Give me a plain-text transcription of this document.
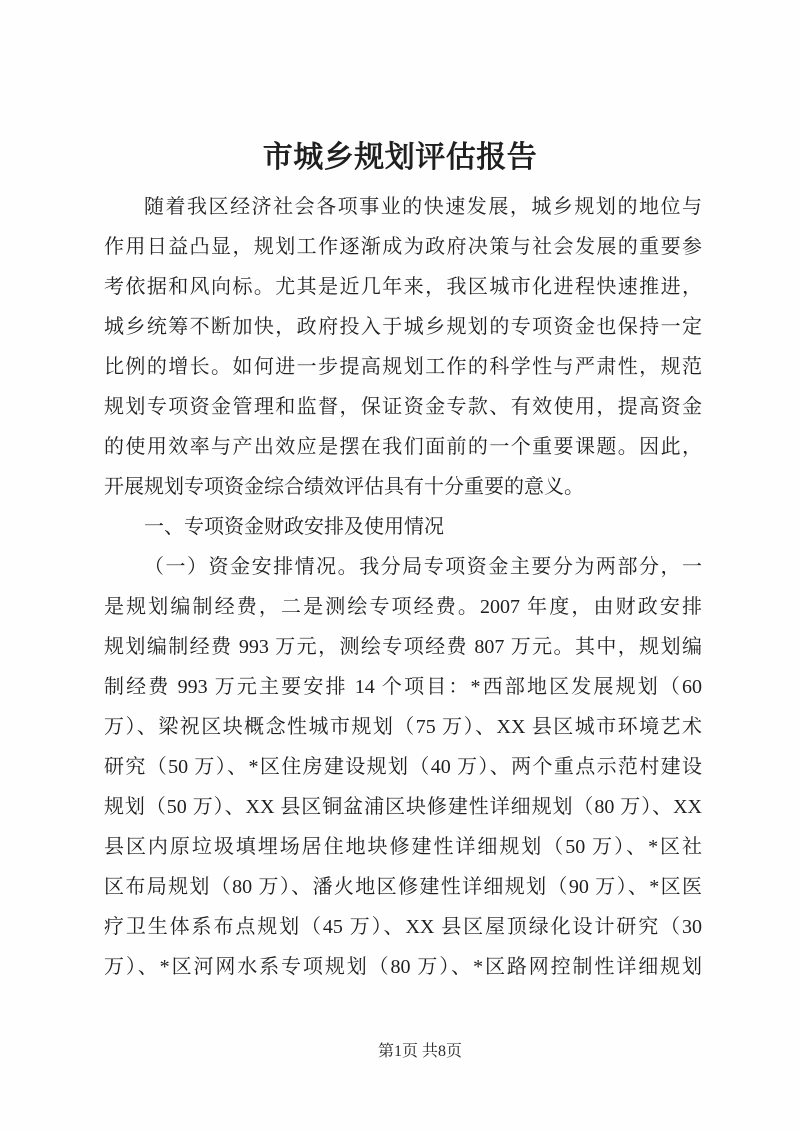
市城乡规划评估报告
随着我区经济社会各项事业的快速发展，城乡规划的地位与
作用日益凸显，规划工作逐渐成为政府决策与社会发展的重要参
考依据和风向标。尤其是近几年来，我区城市化进程快速推进，
城乡统筹不断加快，政府投入于城乡规划的专项资金也保持一定
比例的增长。如何进一步提高规划工作的科学性与严肃性，规范
规划专项资金管理和监督，保证资金专款、有效使用，提高资金
的使用效率与产出效应是摆在我们面前的一个重要课题。因此，
开展规划专项资金综合绩效评估具有十分重要的意义。
一、专项资金财政安排及使用情况
（一）资金安排情况。我分局专项资金主要分为两部分，一
是规划编制经费，二是测绘专项经费。2007 年度，由财政安排
规划编制经费 993 万元，测绘专项经费 807 万元。其中，规划编
制经费 993 万元主要安排 14 个项目：*西部地区发展规划（60
万）、梁祝区块概念性城市规划（75 万）、XX 县区城市环境艺术
研究（50 万）、*区住房建设规划（40 万）、两个重点示范村建设
规划（50 万）、XX 县区铜盆浦区块修建性详细规划（80 万）、XX
县区内原垃圾填埋场居住地块修建性详细规划（50 万）、*区社
区布局规划（80 万）、潘火地区修建性详细规划（90 万）、*区医
疗卫生体系布点规划（45 万）、XX 县区屋顶绿化设计研究（30
万）、*区河网水系专项规划（80 万）、*区路网控制性详细规划
第1页 共8页
